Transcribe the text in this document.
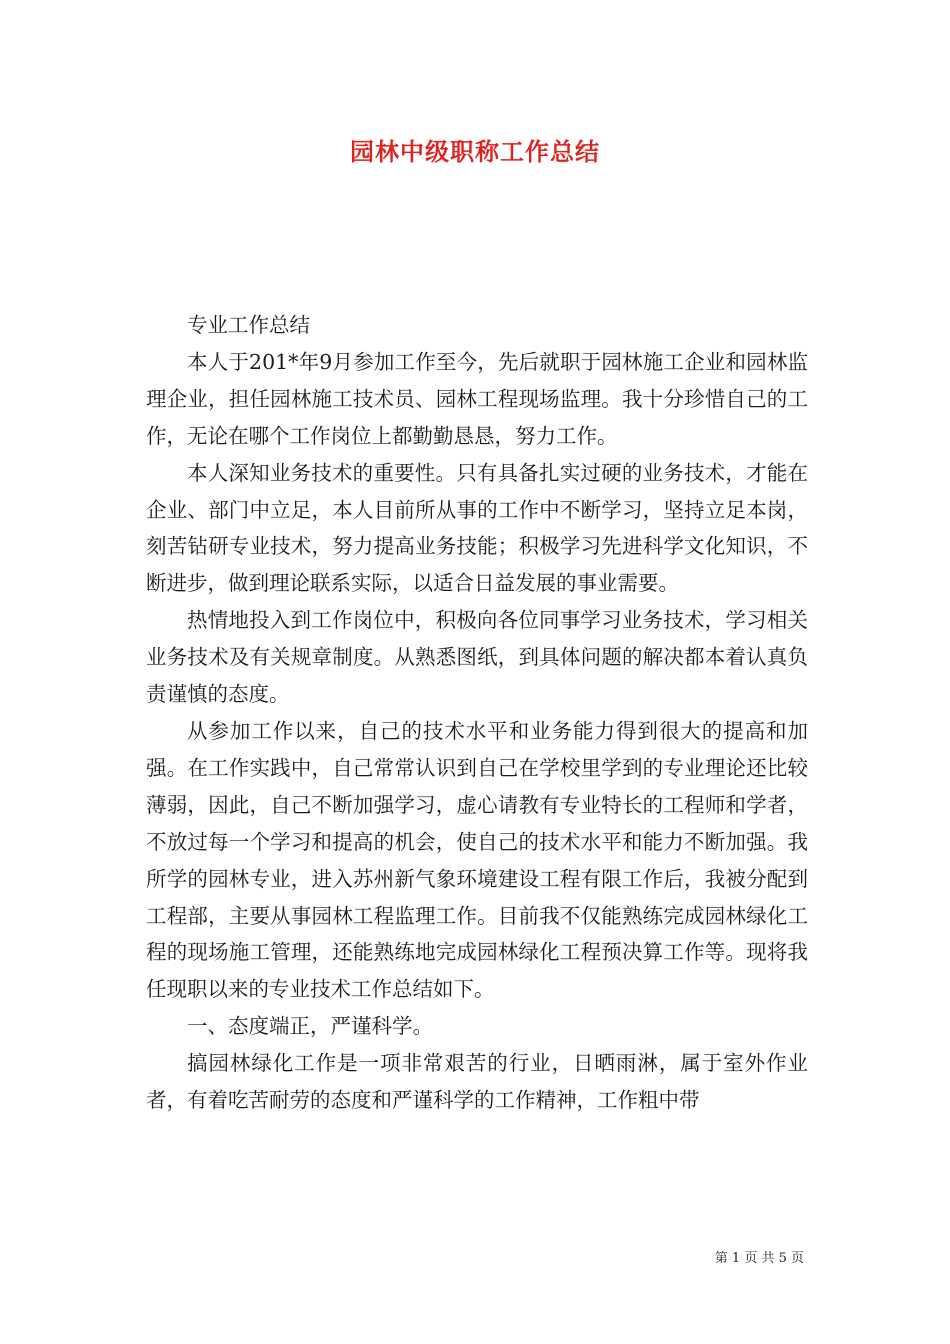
园林中级职称工作总结

专业工作总结

本人于201*年9月参加工作至今，先后就职于园林施工企业和园林监理企业，担任园林施工技术员、园林工程现场监理。我十分珍惜自己的工作，无论在哪个工作岗位上都勤勤恳恳，努力工作。

本人深知业务技术的重要性。只有具备扎实过硬的业务技术，才能在企业、部门中立足，本人目前所从事的工作中不断学习，坚持立足本岗，刻苦钻研专业技术，努力提高业务技能；积极学习先进科学文化知识，不断进步，做到理论联系实际，以适合日益发展的事业需要。

热情地投入到工作岗位中，积极向各位同事学习业务技术，学习相关业务技术及有关规章制度。从熟悉图纸，到具体问题的解决都本着认真负责谨慎的态度。

从参加工作以来，自己的技术水平和业务能力得到很大的提高和加强。在工作实践中，自己常常认识到自己在学校里学到的专业理论还比较薄弱，因此，自己不断加强学习，虚心请教有专业特长的工程师和学者，不放过每一个学习和提高的机会，使自己的技术水平和能力不断加强。我所学的园林专业，进入苏州新气象环境建设工程有限工作后，我被分配到工程部，主要从事园林工程监理工作。目前我不仅能熟练完成园林绿化工程的现场施工管理，还能熟练地完成园林绿化工程预决算工作等。现将我任现职以来的专业技术工作总结如下。

一、态度端正，严谨科学。

搞园林绿化工作是一项非常艰苦的行业，日晒雨淋，属于室外作业者，有着吃苦耐劳的态度和严谨科学的工作精神，工作粗中带

第 1 页 共 5 页
